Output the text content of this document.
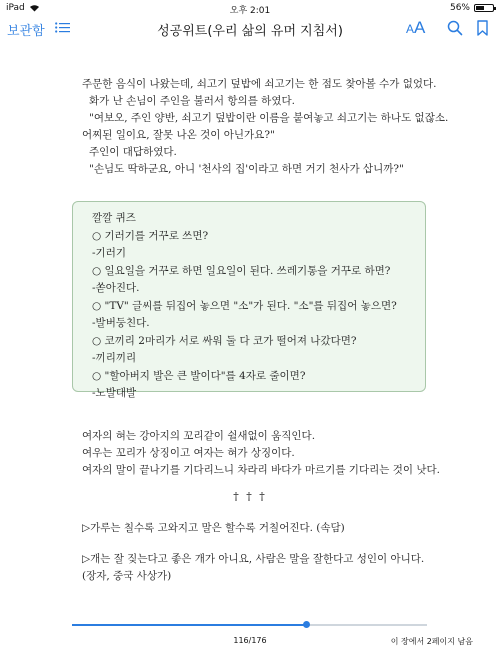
iPad	오후 2:01	56%
보관함	성공위트(우리 삶의 유머 지침서)	AA

주문한 음식이 나왔는데, 쇠고기 덮밥에 쇠고기는 한 점도 찾아볼 수가 없었다.

화가 난 손님이 주인을 불러서 항의를 하였다.

"여보오, 주인 양반, 쇠고기 덮밥이란 이름을 붙여놓고 쇠고기는 하나도 없잖소.

어찌된 일이요, 잘못 나온 것이 아닌가요?"

주인이 대답하였다.

"손님도 딱하군요, 아니 '천사의 집'이라고 하면 거기 천사가 삽니까?"

깔깔 퀴즈

○ 기러기를 거꾸로 쓰면?

-기러기

○ 일요일을 거꾸로 하면 일요일이 된다. 쓰레기통을 거꾸로 하면?

-쏟아진다.

○ "TV" 글씨를 뒤집어 놓으면 "소"가 된다. "소"를 뒤집어 놓으면?

-발버둥친다.

○ 코끼리 2마리가 서로 싸워 둘 다 코가 떨어져 나갔다면?

-끼리끼리

○ "할아버지 발은 큰 발이다"를 4자로 줄이면?

-노발대발

여자의 혀는 강아지의 꼬리같이 쉴새없이 움직인다.

여우는 꼬리가 상징이고 여자는 혀가 상징이다.

여자의 말이 끝나기를 기다리느니 차라리 바다가 마르기를 기다리는 것이 낫다.

† † †

▷가루는 칠수록 고와지고 말은 할수록 거칠어진다. (속담)

▷개는 잘 짖는다고 좋은 개가 아니요, 사람은 말을 잘한다고 성인이 아니다.

(장자, 중국 사상가)

116/176	이 장에서 2페이지 남음
